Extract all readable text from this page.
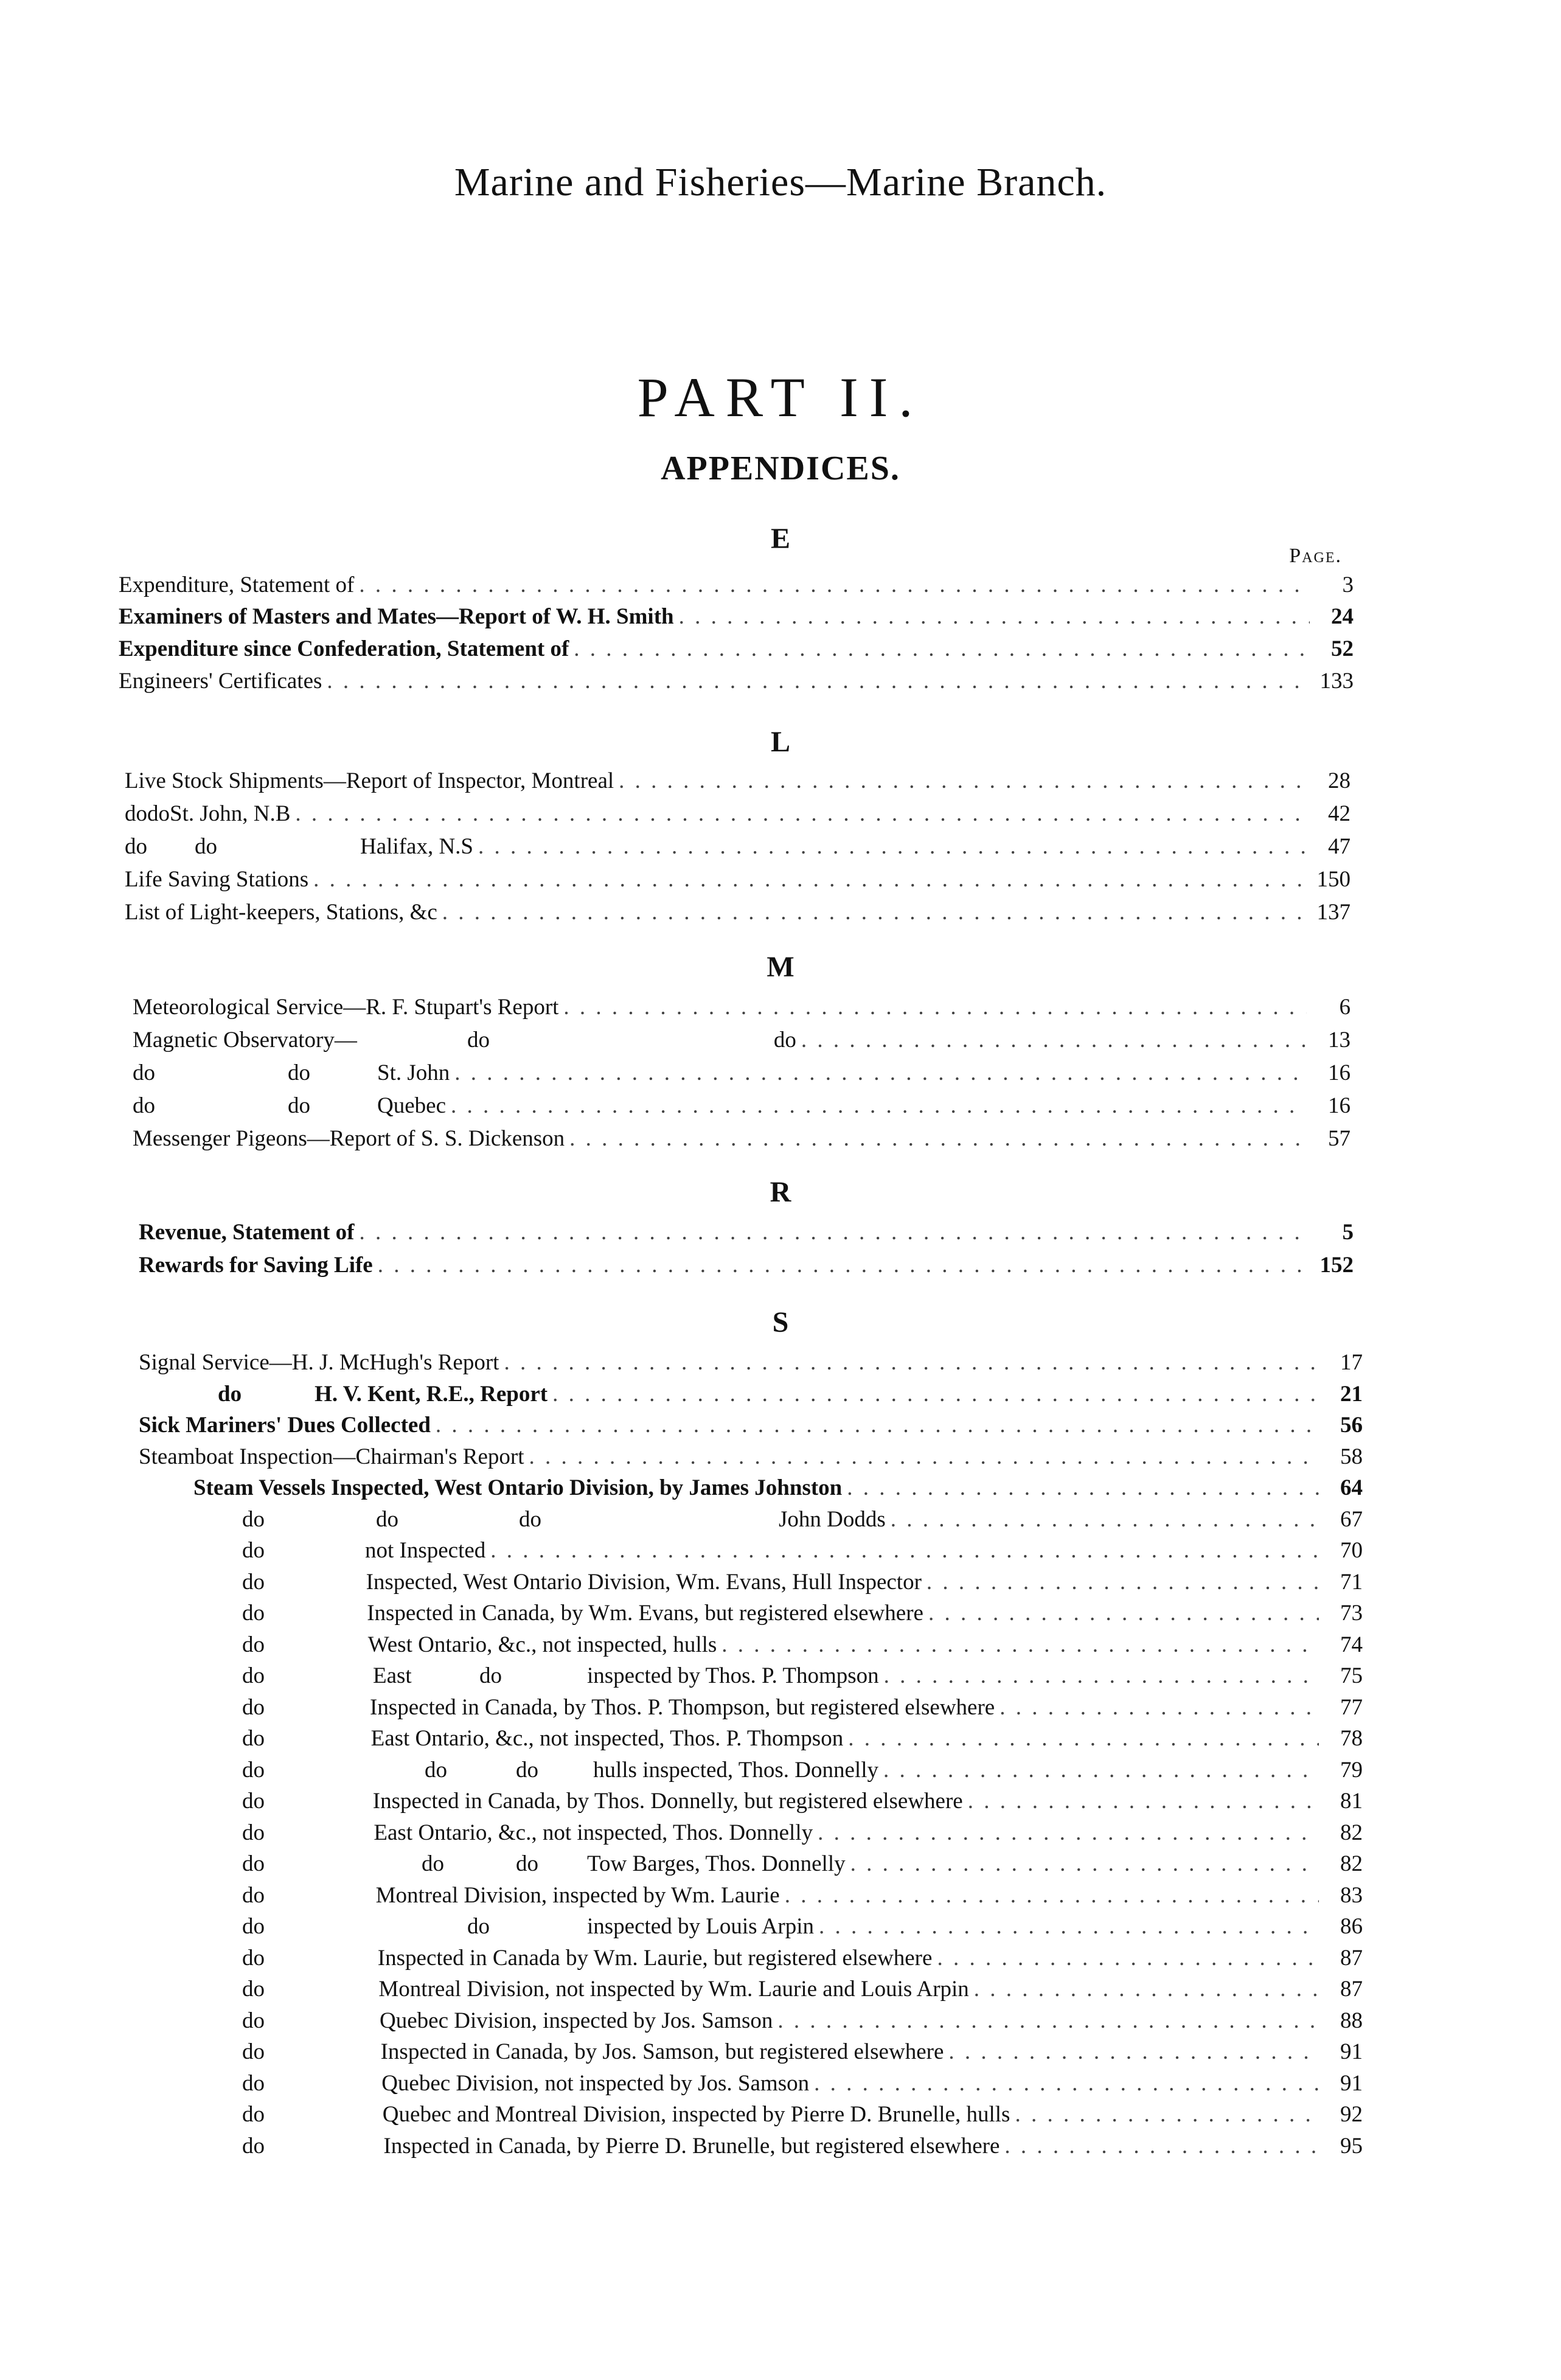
Marine and Fisheries—Marine Branch.
PART II.
APPENDICES.
Page.
E
L
M
R
S
Expenditure, Statement of . . .	3
Examiners of Masters and Mates—Report of W. H. Smith . . .	24
Expenditure since Confederation, Statement of . . .	52
Engineers' Certificates . . .	133
Live Stock Shipments—Report of Inspector, Montreal . . .	28
do do St. John, N.B . . .	42
do do	Halifax, N.S . . .	47
Life Saving Stations . . .	150
List of Light-keepers, Stations, &c . . .	137
Meteorological Service—R. F. Stupart's Report . . .	6
Magnetic Observatory—	do	do . . .	13
do	do	St. John . . .	16
do	do	Quebec . . .	16
Messenger Pigeons—Report of S. S. Dickenson . . .	57
Revenue, Statement of . . .	5
Rewards for Saving Life . . .	152
Signal Service—H. J. McHugh's Report . . .	17
do	H. V. Kent, R.E., Report . . .	21
Sick Mariners' Dues Collected . . .	56
Steamboat Inspection—Chairman's Report . . .	58
Steam Vessels Inspected, West Ontario Division, by James Johnston . . .	64
do	do	do	John Dodds . . .	67
do	not Inspected . . .	70
do	Inspected, West Ontario Division, Wm. Evans, Hull Inspector . . .	71
do	Inspected in Canada, by Wm. Evans, but registered elsewhere . . .	73
do	West Ontario, &c., not inspected, hulls . . .	74
do	East	do	inspected by Thos. P. Thompson . . .	75
do	Inspected in Canada, by Thos. P. Thompson, but registered elsewhere . . .	77
do	East Ontario, &c., not inspected, Thos. P. Thompson . . .	78
do	do	do	hulls inspected, Thos. Donnelly . . .	79
do	Inspected in Canada, by Thos. Donnelly, but registered elsewhere . . .	81
do	East Ontario, &c., not inspected, Thos. Donnelly . . .	82
do	do	do	Tow Barges, Thos. Donnelly . . .	82
do	Montreal Division, inspected by Wm. Laurie . . .	83
do	do	inspected by Louis Arpin . . .	86
do	Inspected in Canada by Wm. Laurie, but registered elsewhere . . .	87
do	Montreal Division, not inspected by Wm. Laurie and Louis Arpin . . .	87
do	Quebec Division, inspected by Jos. Samson . . .	88
do	Inspected in Canada, by Jos. Samson, but registered elsewhere . . .	91
do	Quebec Division, not inspected by Jos. Samson . . .	91
do	Quebec and Montreal Division, inspected by Pierre D. Brunelle, hulls . . .	92
do	Inspected in Canada, by Pierre D. Brunelle, but registered elsewhere . . .	95
